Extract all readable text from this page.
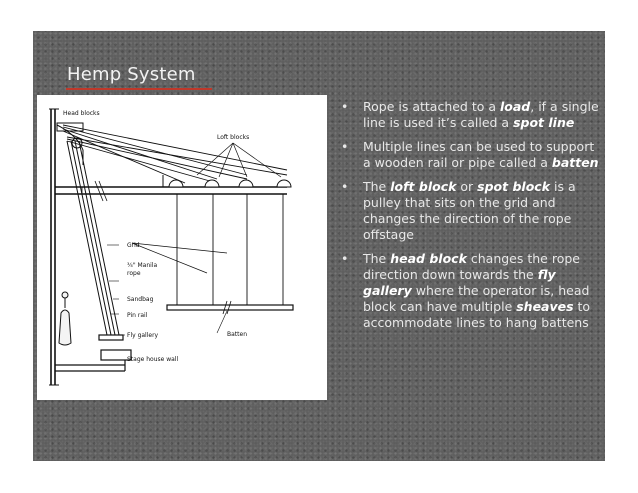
Hemp System
Head blocks
Loft blocks
Grid
¾" Manila
rope
Sandbag
Pin rail
Fly gallery
Stage house wall
Batten
• Rope is attached to a load, if a single line is used it’s called a spot line
• Multiple lines can be used to support a wooden rail or pipe called a batten
• The loft block or spot block is a pulley that sits on the grid and changes the direction of the rope offstage
• The head block changes the rope direction down towards the fly gallery where the operator is, head block can have multiple sheaves to accommodate lines to hang battens
